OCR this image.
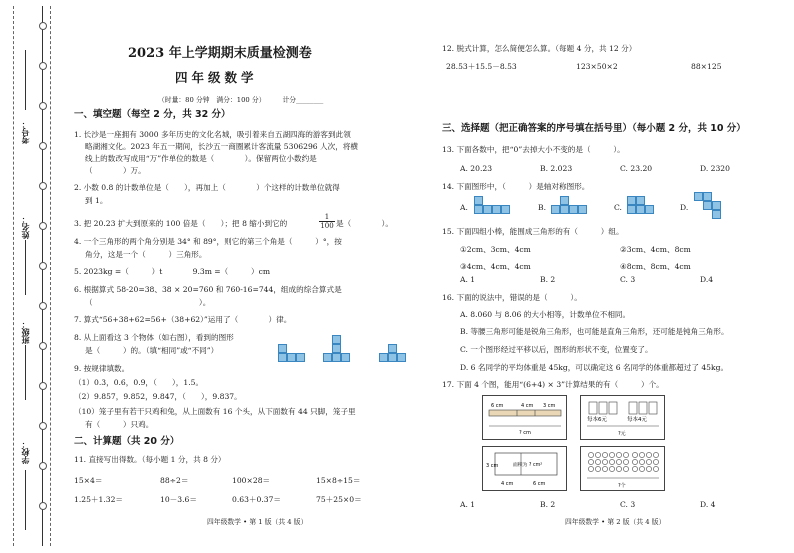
学校：
班级：
姓名：
考号：
2023 年上学期期末质量检测卷
四年级数学
（时量：80 分钟　满分：100 分）　　　计分________
一、填空题（每空 2 分，共 32 分）
1. 长沙是一座拥有 3000 多年历史的文化名城，吸引着来自五湖四海的游客到此领
略湖湘文化。2023 年五一期间，长沙五一商圈累计客流量 5306296 人次，将横
线上的数改写成用“万”作单位的数是（　　　　）。保留两位小数约是
（　　　　）万。
2. 小数 0.8 的计数单位是（　　），再加上（　　　　）个这样的计数单位就得
到 1。
3. 把 20.23 扩大到原来的 100 倍是（　　）；把 8 缩小到它的	$\frac{1}{100}$ 是（　　　　）。
4. 一个三角形的两个角分别是 34° 和 89°，则它的第三个角是（　　　）°，按
角分，这是一个（　　　）三角形。
5. 2023kg =（　　　）t　　　　9.3m =（　　　）cm
6. 根据算式 58-20=38、38 × 20=760 和 760-16=744，组成的综合算式是
（　　　　　　　　　　　　　　）。
7. 算式“56+38+62=56+（38+62）”运用了（　　　　）律。
8. 从上面看这 3 个物体（如右图），看到的图形
是（　　　）的。（填“相同”或“不同”）
9. 按规律填数。
（1）0.3，0.6，0.9，（　　），1.5。
（2）9.857，9.852，9.847，（　　），9.837。
（10）笼子里有若干只鸡和兔，从上面数有 16 个头，从下面数有 44 只脚，笼子里
有（　　　）只鸡。
二、计算题（共 20 分）
11. 直接写出得数。（每小题 1 分，共 8 分）
15×4＝	88÷2＝	100×28＝	15×8÷15＝
1.25＋1.32＝	10－3.6＝	0.63＋0.37＝	75＋25×0＝
四年级数学 • 第 1 版（共 4 版）
12. 脱式计算，怎么简便怎么算。（每题 4 分，共 12 分）
28.53＋15.5－8.53	123×50×2	88×125
三、选择题（把正确答案的序号填在括号里）（每小题 2 分，共 10 分）
13. 下面各数中，把“0”去掉大小不变的是（　　　）。
A. 20.23	B. 2.023	C. 23.20	D. 2320
14. 下面图形中，（　　　）是轴对称图形。
A.	B.	C.	D.
15. 下面四组小棒，能围成三角形的有（　　　）组。
①2cm、3cm、4cm	②3cm、4cm、8cm
③4cm、4cm、4cm	④8cm、8cm、4cm
A. 1	B. 2	C. 3	D.4
16. 下面的说法中，错误的是（　　　）。
A. 8.060 与 8.06 的大小相等，计数单位不相同。
B. 等腰三角形可能是锐角三角形，也可能是直角三角形，还可能是钝角三角形。
C. 一个图形经过平移以后，图形的形状不变，位置变了。
D. 6 名同学的平均体重是 45kg，可以确定这 6 名同学的体重都超过了 45kg。
17. 下面 4 个图，能用“(6+4) × 3”计算结果的有（　　　）个。
6 cm	4 cm 3 cm
? cm
每本6元	每本4元
?元
3 cm	面积为 ? cm²
4 cm	6 cm	?个
A. 1	B. 2	C. 3	D. 4
四年级数学 • 第 2 版（共 4 版）
